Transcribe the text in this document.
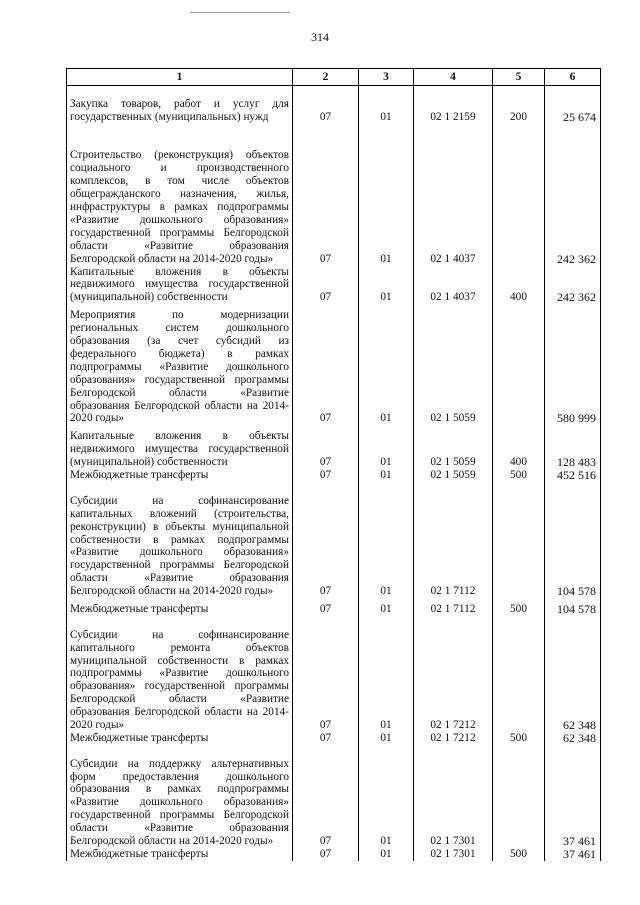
314
1	2	3	4	5	6
Закупка товаров, работ и услуг для государственных (муниципальных) нужд	07	01	02 1 2159	200	25 674
Строительство (реконструкция) объектов социального и производственного комплексов, в том числе объектов общегражданского назначения, жилья, инфраструктуры в рамках подпрограммы «Развитие дошкольного образования» государственной программы Белгородской области «Развитие образования Белгородской области на 2014-2020 годы»	07	01	02 1 4037		242 362
Капитальные вложения в объекты недвижимого имущества государственной (муниципальной) собственности	07	01	02 1 4037	400	242 362
Мероприятия по модернизации региональных систем дошкольного образования (за счет субсидий из федерального бюджета) в рамках подпрограммы «Развитие дошкольного образования» государственной программы Белгородской области «Развитие образования Белгородской области на 2014-2020 годы»	07	01	02 1 5059		580 999
Капитальные вложения в объекты недвижимого имущества государственной (муниципальной) собственности	07	01	02 1 5059	400	128 483
Межбюджетные трансферты	07	01	02 1 5059	500	452 516
Субсидии на софинансирование капитальных вложений (строительства, реконструкции) в объекты муниципальной собственности в рамках подпрограммы «Развитие дошкольного образования» государственной программы Белгородской области «Развитие образования Белгородской области на 2014-2020 годы»	07	01	02 1 7112		104 578
Межбюджетные трансферты	07	01	02 1 7112	500	104 578
Субсидии на софинансирование капитального ремонта объектов муниципальной собственности в рамках подпрограммы «Развитие дошкольного образования» государственной программы Белгородской области «Развитие образования Белгородской области на 2014-2020 годы»	07	01	02 1 7212		62 348
Межбюджетные трансферты	07	01	02 1 7212	500	62 348
Субсидии на поддержку альтернативных форм предоставления дошкольного образования в рамках подпрограммы «Развитие дошкольного образования» государственной программы Белгородской области «Развитие образования Белгородской области на 2014-2020 годы»	07	01	02 1 7301		37 461
Межбюджетные трансферты	07	01	02 1 7301	500	37 461
